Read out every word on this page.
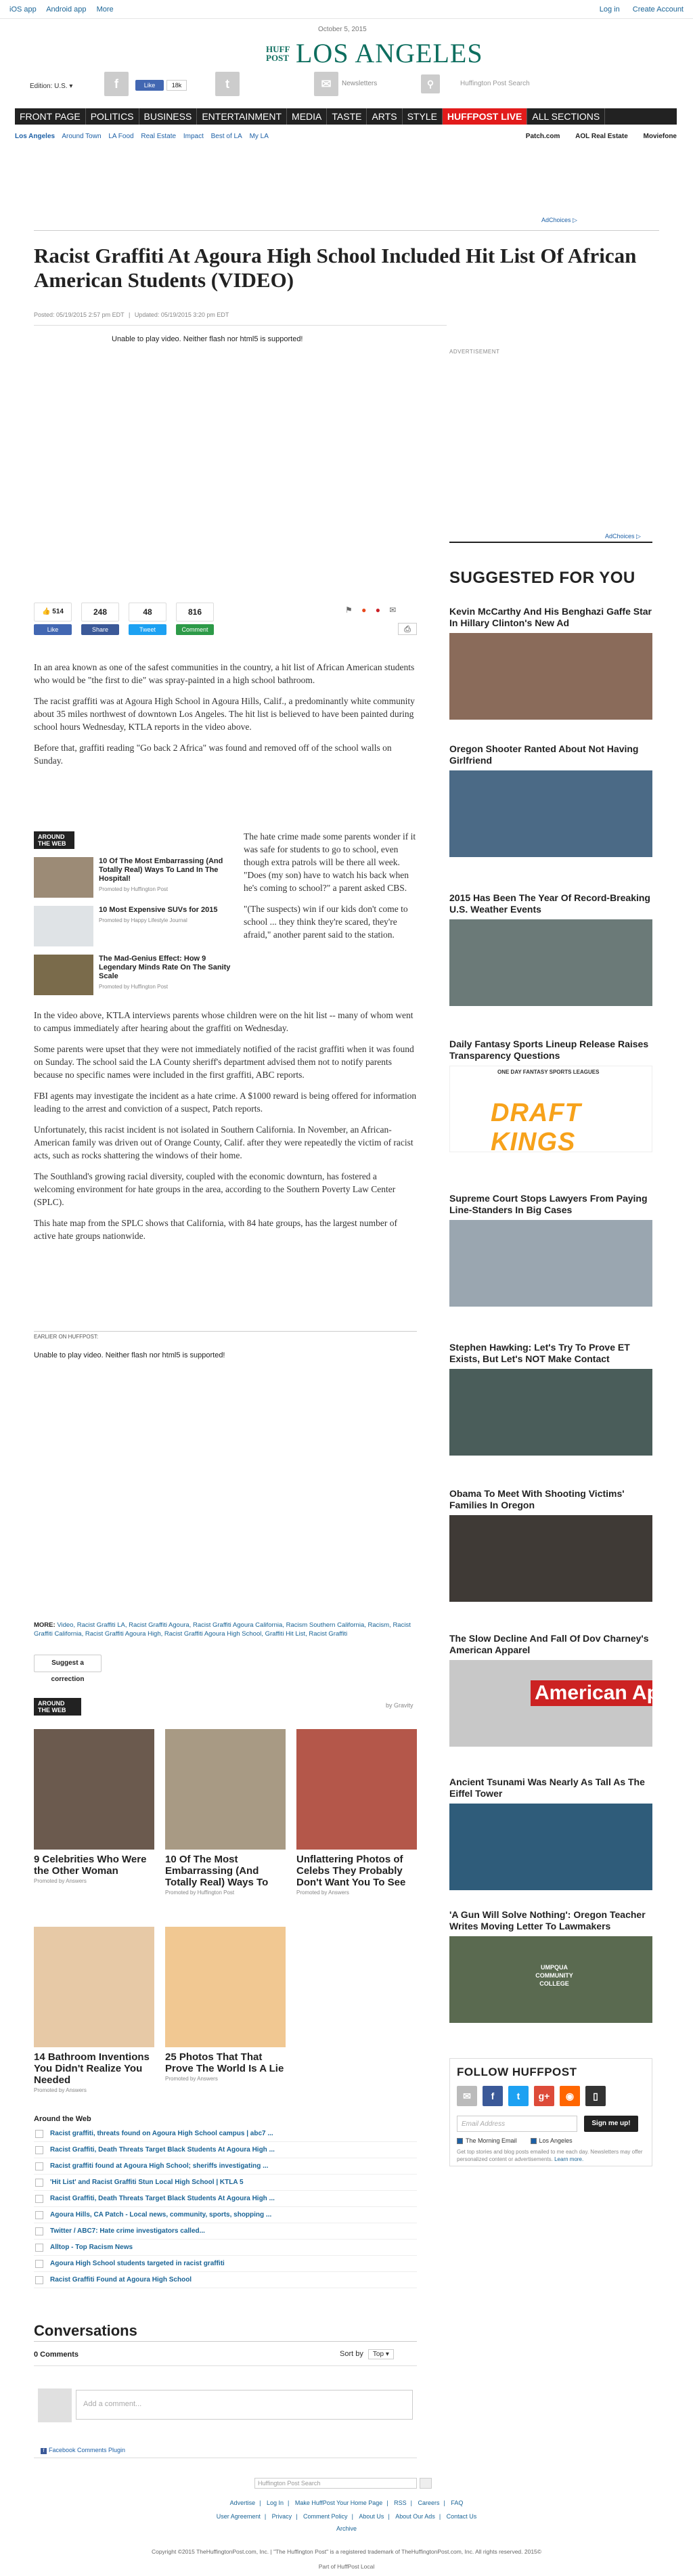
iOS app Android app More	Log in Create Account
October 5, 2015
HUFF POST LOS ANGELES
Edition: U.S. ▾	f	Like	18k	t	✉	Newsletters	⚲	Huffington Post Search
FRONT PAGE	POLITICS	BUSINESS	ENTERTAINMENT	MEDIA	TASTE	ARTS	STYLE	HUFFPOST LIVE	ALL SECTIONS
Los Angeles Around Town LA Food Real Estate Impact Best of LA My LA	Patch.com AOL Real Estate Moviefone
AdChoices ▷
Racist Graffiti At Agoura High School Included Hit List Of African American Students (VIDEO)
Posted: 05/19/2015 2:57 pm EDT | Updated: 05/19/2015 3:20 pm EDT
Unable to play video. Neither flash nor html5 is supported!
👍 514
Like
248
Share
48
Tweet
816
Comment
⚑ ● ● ✉
⎙

In an area known as one of the safest communities in the country, a hit list of African American students who would be "the first to die" was spray-painted in a high school bathroom.

The racist graffiti was at Agoura High School in Agoura Hills, Calif., a predominantly white community about 35 miles northwest of downtown Los Angeles. The hit list is believed to have been painted during school hours Wednesday, KTLA reports in the video above.

Before that, graffiti reading "Go back 2 Africa" was found and removed off of the school walls on Sunday.

AROUND THE WEB
10 Of The Most Embarrassing (And Totally Real) Ways To Land In The Hospital!
Promoted by Huffington Post
10 Most Expensive SUVs for 2015
Promoted by Happy Lifestyle Journal
The Mad-Genius Effect: How 9 Legendary Minds Rate On The Sanity Scale
Promoted by Huffington Post

The hate crime made some parents wonder if it was safe for students to go to school, even though extra patrols will be there all week. "Does (my son) have to watch his back when he's coming to school?" a parent asked CBS.

"(The suspects) win if our kids don't come to school ... they think they're scared, they're afraid," another parent said to the station.

In the video above, KTLA interviews parents whose children were on the hit list -- many of whom went to campus immediately after hearing about the graffiti on Wednesday.

Some parents were upset that they were not immediately notified of the racist graffiti when it was found on Sunday. The school said the LA County sheriff's department advised them not to notify parents because no specific names were included in the first graffiti, ABC reports.

FBI agents may investigate the incident as a hate crime. A $1000 reward is being offered for information leading to the arrest and conviction of a suspect, Patch reports.

Unfortunately, this racist incident is not isolated in Southern California. In November, an African-American family was driven out of Orange County, Calif. after they were repeatedly the victim of racist acts, such as rocks shattering the windows of their home.

The Southland's growing racial diversity, coupled with the economic downturn, has fostered a welcoming environment for hate groups in the area, according to the Southern Poverty Law Center (SPLC).

This hate map from the SPLC shows that California, with 84 hate groups, has the largest number of active hate groups nationwide.

EARLIER ON HUFFPOST:
Unable to play video. Neither flash nor html5 is supported!
MORE: Video, Racist Graffiti LA, Racist Graffiti Agoura, Racist Graffiti Agoura California, Racism Southern California, Racism, Racist Graffiti California, Racist Graffiti Agoura High, Racist Graffiti Agoura High School, Graffiti Hit List, Racist Graffiti
Suggest a correction
AROUND THE WEB
by Gravity
9 Celebrities Who Were the Other Woman
Promoted by Answers
10 Of The Most Embarrassing (And Totally Real) Ways To
Promoted by Huffington Post
Unflattering Photos of Celebs They Probably Don't Want You To See
Promoted by Answers
14 Bathroom Inventions You Didn't Realize You Needed
Promoted by Answers
25 Photos That That Prove The World Is A Lie
Promoted by Answers
Around the Web
Racist graffiti, threats found on Agoura High School campus | abc7 ...
Racist Graffiti, Death Threats Target Black Students At Agoura High ...
Racist graffiti found at Agoura High School; sheriffs investigating ...
'Hit List' and Racist Graffiti Stun Local High School | KTLA 5
Racist Graffiti, Death Threats Target Black Students At Agoura High ...
Agoura Hills, CA Patch - Local news, community, sports, shopping ...
Twitter / ABC7: Hate crime investigators called...
Alltop - Top Racism News
Agoura High School students targeted in racist graffiti
Racist Graffiti Found at Agoura High School
Conversations
0 Comments	Sort by Top ▾
Add a comment...
f Facebook Comments Plugin
Huffington Post Search
Advertise | Log In | Make HuffPost Your Home Page | RSS | Careers | FAQ
User Agreement | Privacy | Comment Policy | About Us | About Our Ads | Contact Us
Archive
Copyright ©2015 TheHuffingtonPost.com, Inc. | "The Huffington Post" is a registered trademark of TheHuffingtonPost.com, Inc. All rights reserved. 2015©
Part of HuffPost Local
ADVERTISEMENT
AdChoices ▷
SUGGESTED FOR YOU
Kevin McCarthy And His Benghazi Gaffe Star In Hillary Clinton's New Ad
Oregon Shooter Ranted About Not Having Girlfriend
2015 Has Been The Year Of Record-Breaking U.S. Weather Events
Daily Fantasy Sports Lineup Release Raises Transparency Questions
ONE DAY FANTASY SPORTS LEAGUES
DRAFT KINGS
Supreme Court Stops Lawyers From Paying Line-Standers In Big Cases
Stephen Hawking: Let's Try To Prove ET Exists, But Let's NOT Make Contact
Obama To Meet With Shooting Victims' Families In Oregon
The Slow Decline And Fall Of Dov Charney's American Apparel
American Appar
Ancient Tsunami Was Nearly As Tall As The Eiffel Tower
'A Gun Will Solve Nothing': Oregon Teacher Writes Moving Letter To Lawmakers
UMPQUA COMMUNITY COLLEGE
FOLLOW HUFFPOST
✉	f	t	g+	◉	▯
Email Address	Sign me up!
The Morning Email	Los Angeles
Get top stories and blog posts emailed to me each day. Newsletters may offer personalized content or advertisements. Learn more.
